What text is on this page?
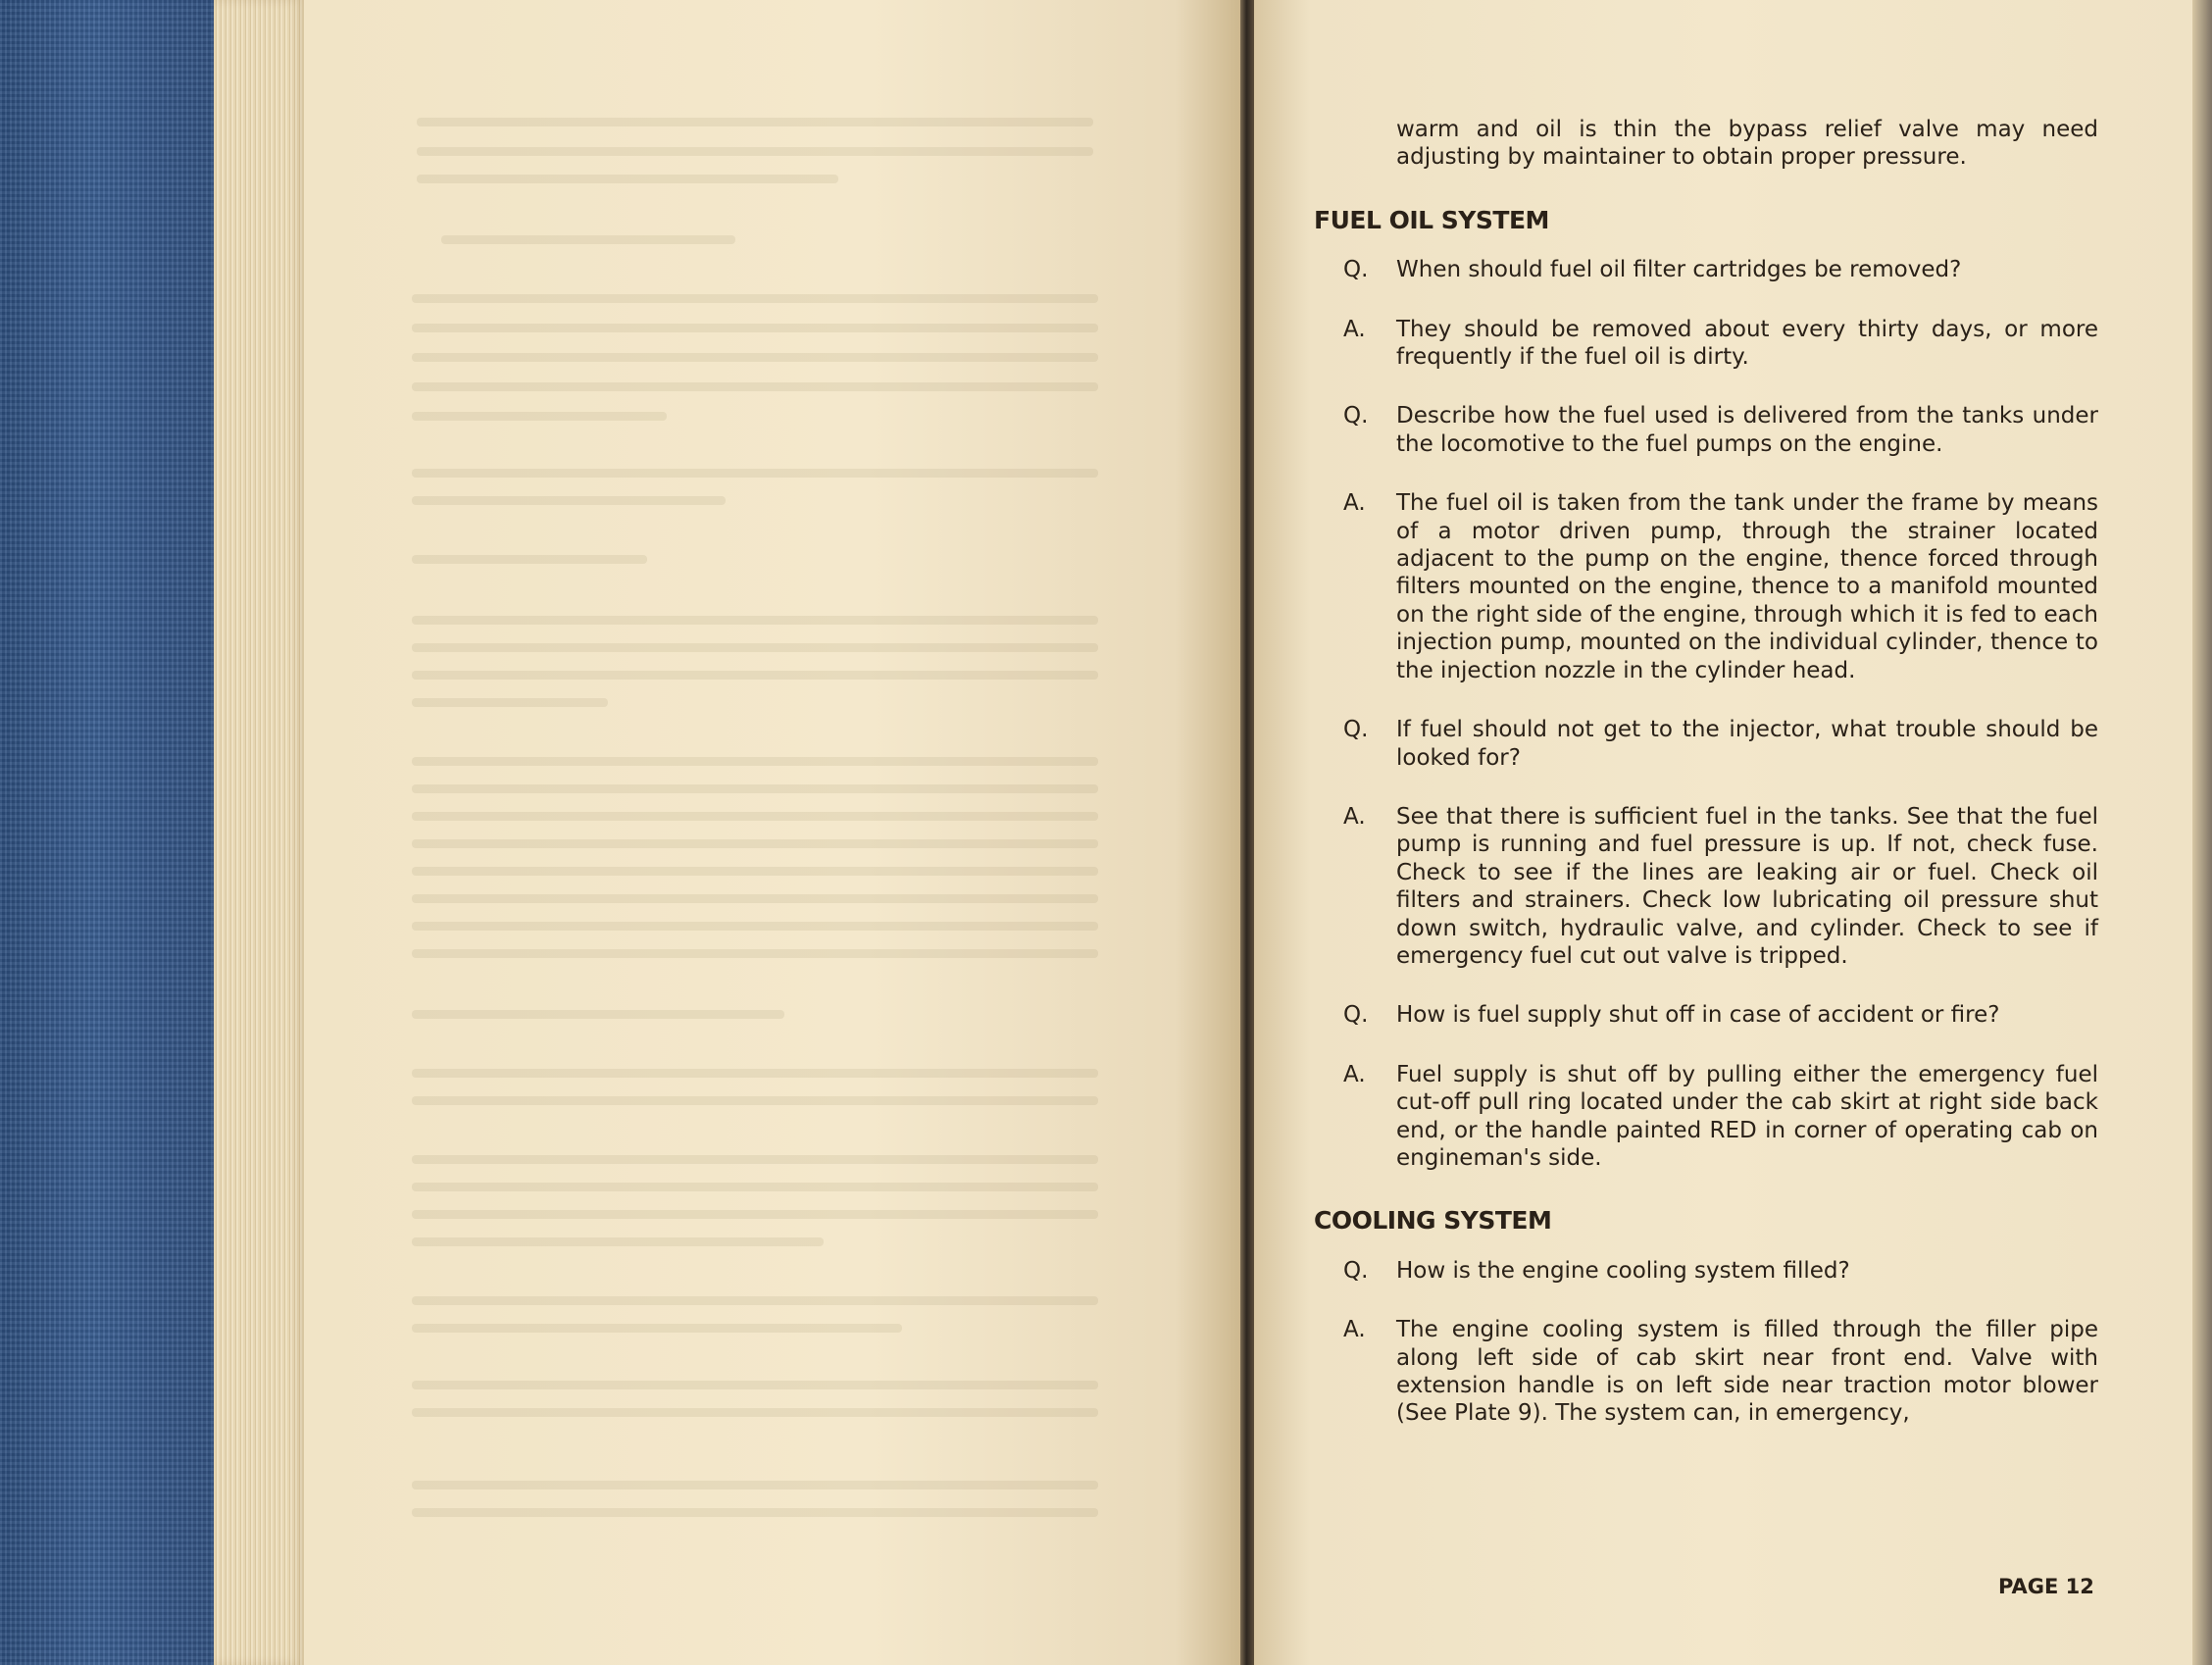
warm and oil is thin the bypass relief valve may need adjusting by maintainer to obtain proper pressure.
FUEL OIL SYSTEM
Q.	When should fuel oil filter cartridges be removed?
A.	They should be removed about every thirty days, or more frequently if the fuel oil is dirty.
Q.	Describe how the fuel used is delivered from the tanks under the locomotive to the fuel pumps on the engine.
A.	The fuel oil is taken from the tank under the frame by means of a motor driven pump, through the strainer located adjacent to the pump on the engine, thence forced through filters mounted on the engine, thence to a manifold mounted on the right side of the engine, through which it is fed to each injection pump, mounted on the individual cylinder, thence to the injection nozzle in the cylinder head.
Q.	If fuel should not get to the injector, what trouble should be looked for?
A.	See that there is sufficient fuel in the tanks. See that the fuel pump is running and fuel pressure is up. If not, check fuse. Check to see if the lines are leaking air or fuel. Check oil filters and strainers. Check low lubricating oil pressure shut down switch, hydraulic valve, and cylinder. Check to see if emergency fuel cut out valve is tripped.
Q.	How is fuel supply shut off in case of accident or fire?
A.	Fuel supply is shut off by pulling either the emergency fuel cut-off pull ring located under the cab skirt at right side back end, or the handle painted RED in corner of operating cab on engineman's side.
COOLING SYSTEM
Q.	How is the engine cooling system filled?
A.	The engine cooling system is filled through the filler pipe along left side of cab skirt near front end. Valve with extension handle is on left side near traction motor blower (See Plate 9). The system can, in emergency,
PAGE 12
